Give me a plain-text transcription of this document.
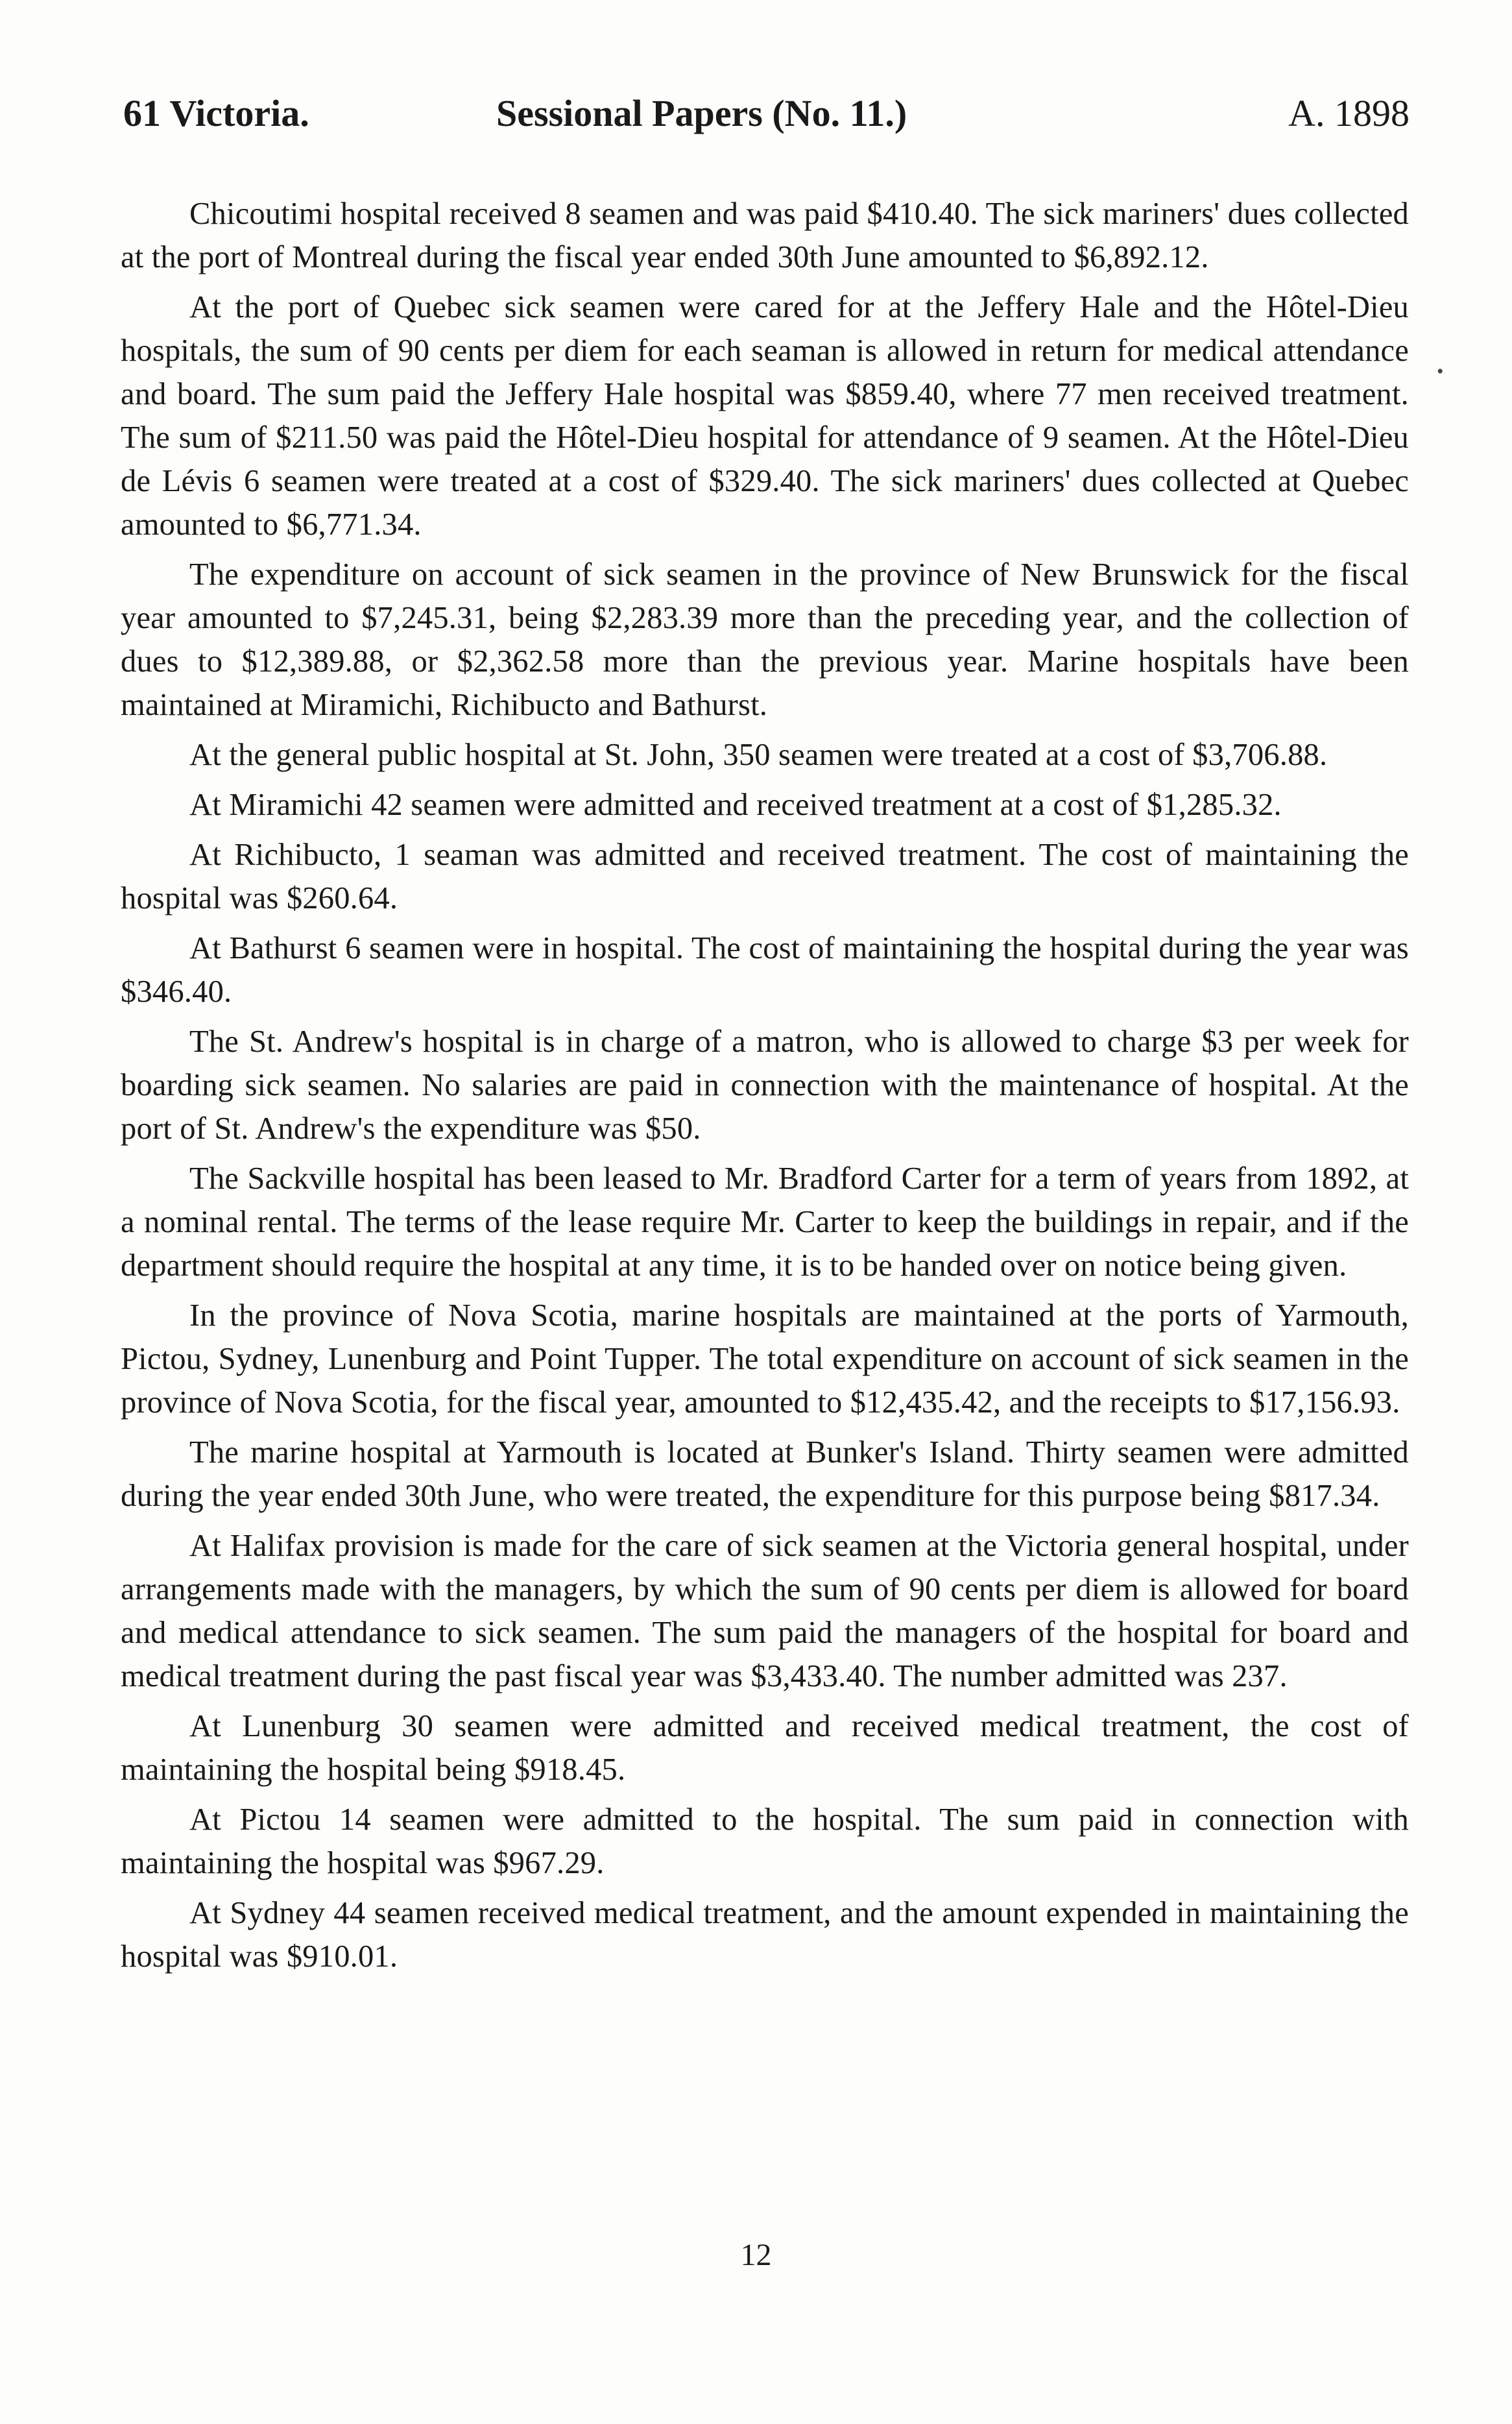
61 Victoria.	Sessional Papers (No. 11.)	A. 1898
•

Chicoutimi hospital received 8 seamen and was paid $410.40. The sick mariners' dues collected at the port of Montreal during the fiscal year ended 30th June amounted to $6,892.12.

At the port of Quebec sick seamen were cared for at the Jeffery Hale and the Hôtel-Dieu hospitals, the sum of 90 cents per diem for each seaman is allowed in return for medical attendance and board. The sum paid the Jeffery Hale hospital was $859.40, where 77 men received treatment. The sum of $211.50 was paid the Hôtel-Dieu hospital for attendance of 9 seamen. At the Hôtel-Dieu de Lévis 6 seamen were treated at a cost of $329.40. The sick mariners' dues collected at Quebec amounted to $6,771.34.

The expenditure on account of sick seamen in the province of New Brunswick for the fiscal year amounted to $7,245.31, being $2,283.39 more than the preceding year, and the collection of dues to $12,389.88, or $2,362.58 more than the previous year. Marine hospitals have been maintained at Miramichi, Richibucto and Bathurst.

At the general public hospital at St. John, 350 seamen were treated at a cost of $3,706.88.

At Miramichi 42 seamen were admitted and received treatment at a cost of $1,285.32.

At Richibucto, 1 seaman was admitted and received treatment. The cost of maintaining the hospital was $260.64.

At Bathurst 6 seamen were in hospital. The cost of maintaining the hospital during the year was $346.40.

The St. Andrew's hospital is in charge of a matron, who is allowed to charge $3 per week for boarding sick seamen. No salaries are paid in connection with the maintenance of hospital. At the port of St. Andrew's the expenditure was $50.

The Sackville hospital has been leased to Mr. Bradford Carter for a term of years from 1892, at a nominal rental. The terms of the lease require Mr. Carter to keep the buildings in repair, and if the department should require the hospital at any time, it is to be handed over on notice being given.

In the province of Nova Scotia, marine hospitals are maintained at the ports of Yarmouth, Pictou, Sydney, Lunenburg and Point Tupper. The total expenditure on account of sick seamen in the province of Nova Scotia, for the fiscal year, amounted to $12,435.42, and the receipts to $17,156.93.

The marine hospital at Yarmouth is located at Bunker's Island. Thirty seamen were admitted during the year ended 30th June, who were treated, the expenditure for this purpose being $817.34.

At Halifax provision is made for the care of sick seamen at the Victoria general hospital, under arrangements made with the managers, by which the sum of 90 cents per diem is allowed for board and medical attendance to sick seamen. The sum paid the managers of the hospital for board and medical treatment during the past fiscal year was $3,433.40. The number admitted was 237.

At Lunenburg 30 seamen were admitted and received medical treatment, the cost of maintaining the hospital being $918.45.

At Pictou 14 seamen were admitted to the hospital. The sum paid in connection with maintaining the hospital was $967.29.

At Sydney 44 seamen received medical treatment, and the amount expended in maintaining the hospital was $910.01.

12
